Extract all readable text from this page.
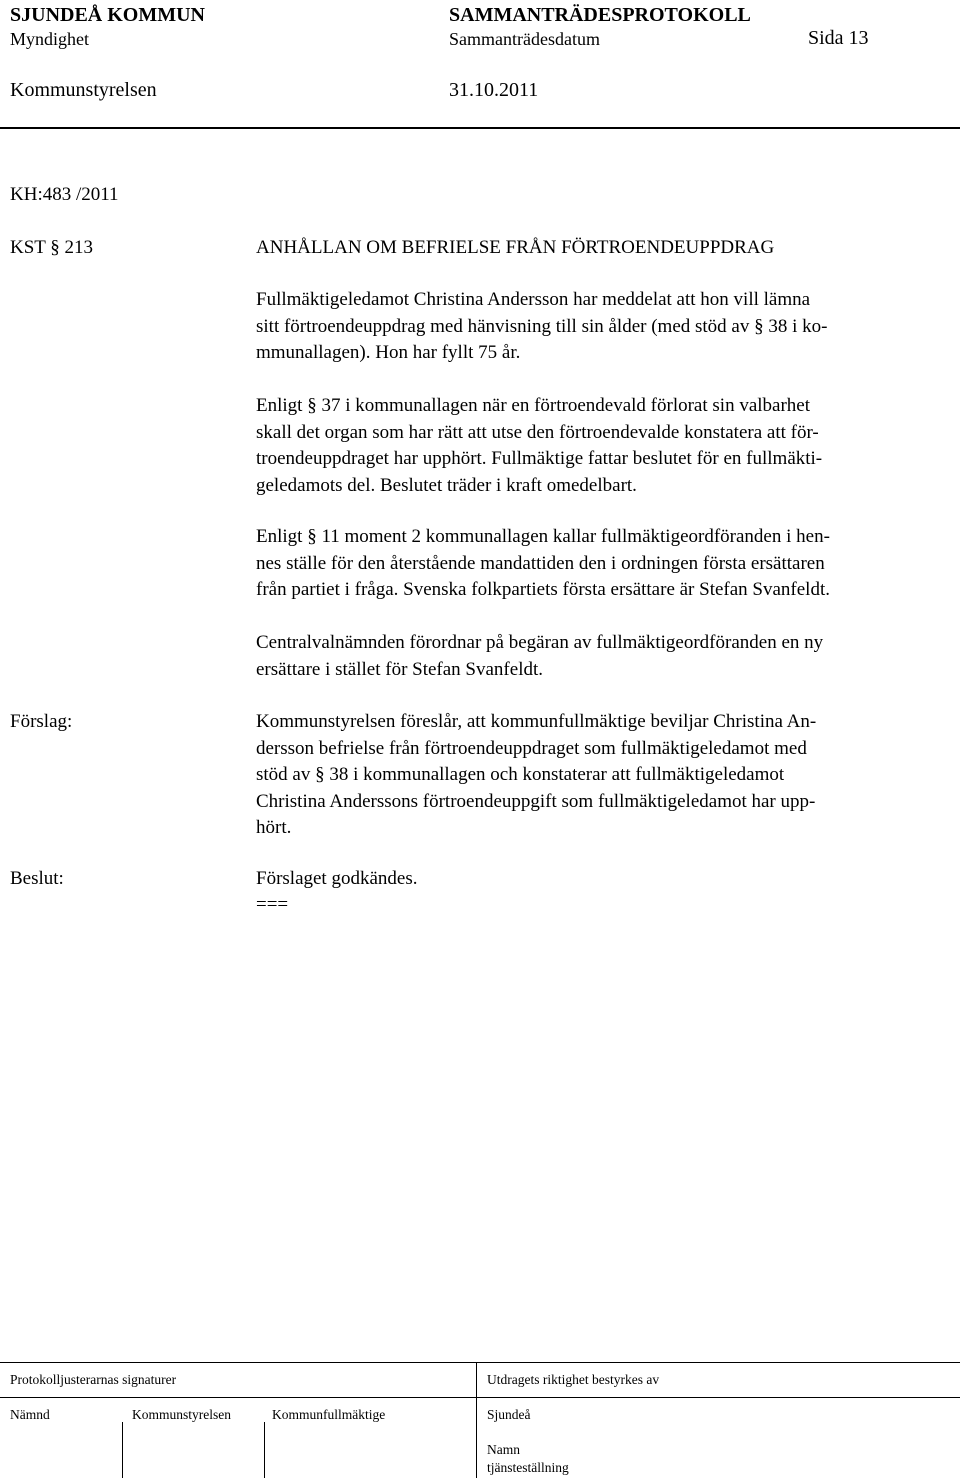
SJUNDEÅ KOMMUN	SAMMANTRÄDESPROTOKOLL
Myndighet	Sammanträdesdatum	Sida 13
Kommunstyrelsen	31.10.2011
KH:483 /2011
KST § 213	ANHÅLLAN OM BEFRIELSE FRÅN FÖRTROENDEUPPDRAG

Fullmäktigeledamot Christina Andersson har meddelat att hon vill lämna

sitt förtroendeuppdrag med hänvisning till sin ålder (med stöd av § 38 i ko-

mmunallagen). Hon har fyllt 75 år.

Enligt § 37 i kommunallagen när en förtroendevald förlorat sin valbarhet

skall det organ som har rätt att utse den förtroendevalde konstatera att för-

troendeuppdraget har upphört. Fullmäktige fattar beslutet för en fullmäkti-

geledamots del. Beslutet träder i kraft omedelbart.

Enligt § 11 moment 2 kommunallagen kallar fullmäktigeordföranden i hen-

nes ställe för den återstående mandattiden den i ordningen första ersättaren

från partiet i fråga. Svenska folkpartiets första ersättare är Stefan Svanfeldt.

Centralvalnämnden förordnar på begäran av fullmäktigeordföranden en ny

ersättare i stället för Stefan Svanfeldt.

Förslag:	Kommunstyrelsen föreslår, att kommunfullmäktige beviljar Christina An-

dersson befrielse från förtroendeuppdraget som fullmäktigeledamot med

stöd av § 38 i kommunallagen och konstaterar att fullmäktigeledamot

Christina Anderssons förtroendeuppgift som fullmäktigeledamot har upp-

hört.

Beslut:	Förslaget godkändes.
===
Protokolljusterarnas signaturer	Utdragets riktighet bestyrkes av
Nämnd	Kommunstyrelsen	Kommunfullmäktige	Sjundeå
Namn
tjänsteställning
